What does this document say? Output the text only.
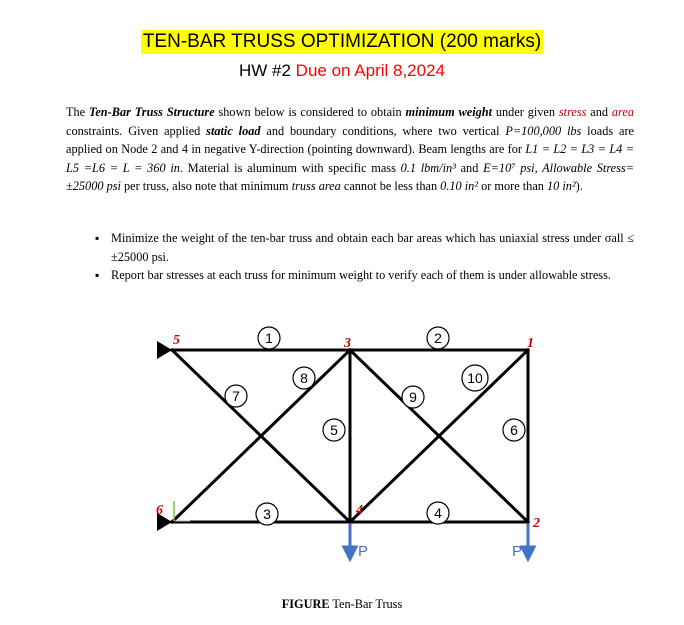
TEN-BAR TRUSS OPTIMIZATION (200 marks)
HW #2 Due on April 8,2024

The Ten-Bar Truss Structure shown below is considered to obtain minimum weight under given stress and area constraints. Given applied static load and boundary conditions, where two vertical P=100,000 lbs loads are applied on Node 2 and 4 in negative Y-direction (pointing downward). Beam lengths are for L1 = L2 = L3 = L4 = L5 =L6 = L = 360 in. Material is aluminum with specific mass 0.1 lbm/in³ and E=10⁷ psi, Allowable Stress= ±25000 psi per truss, also note that minimum truss area cannot be less than 0.10 in² or more than 10 in²).

▪ Minimize the weight of the ten-bar truss and obtain each bar areas which has uniaxial stress under σall ≤ ±25000 psi.
▪ Report bar stresses at each truss for minimum weight to verify each of them is under allowable stress.
P	P
1
2
3
4
5
6
1	2
3	4
5	6
7
8
9
10
FIGURE Ten-Bar Truss
